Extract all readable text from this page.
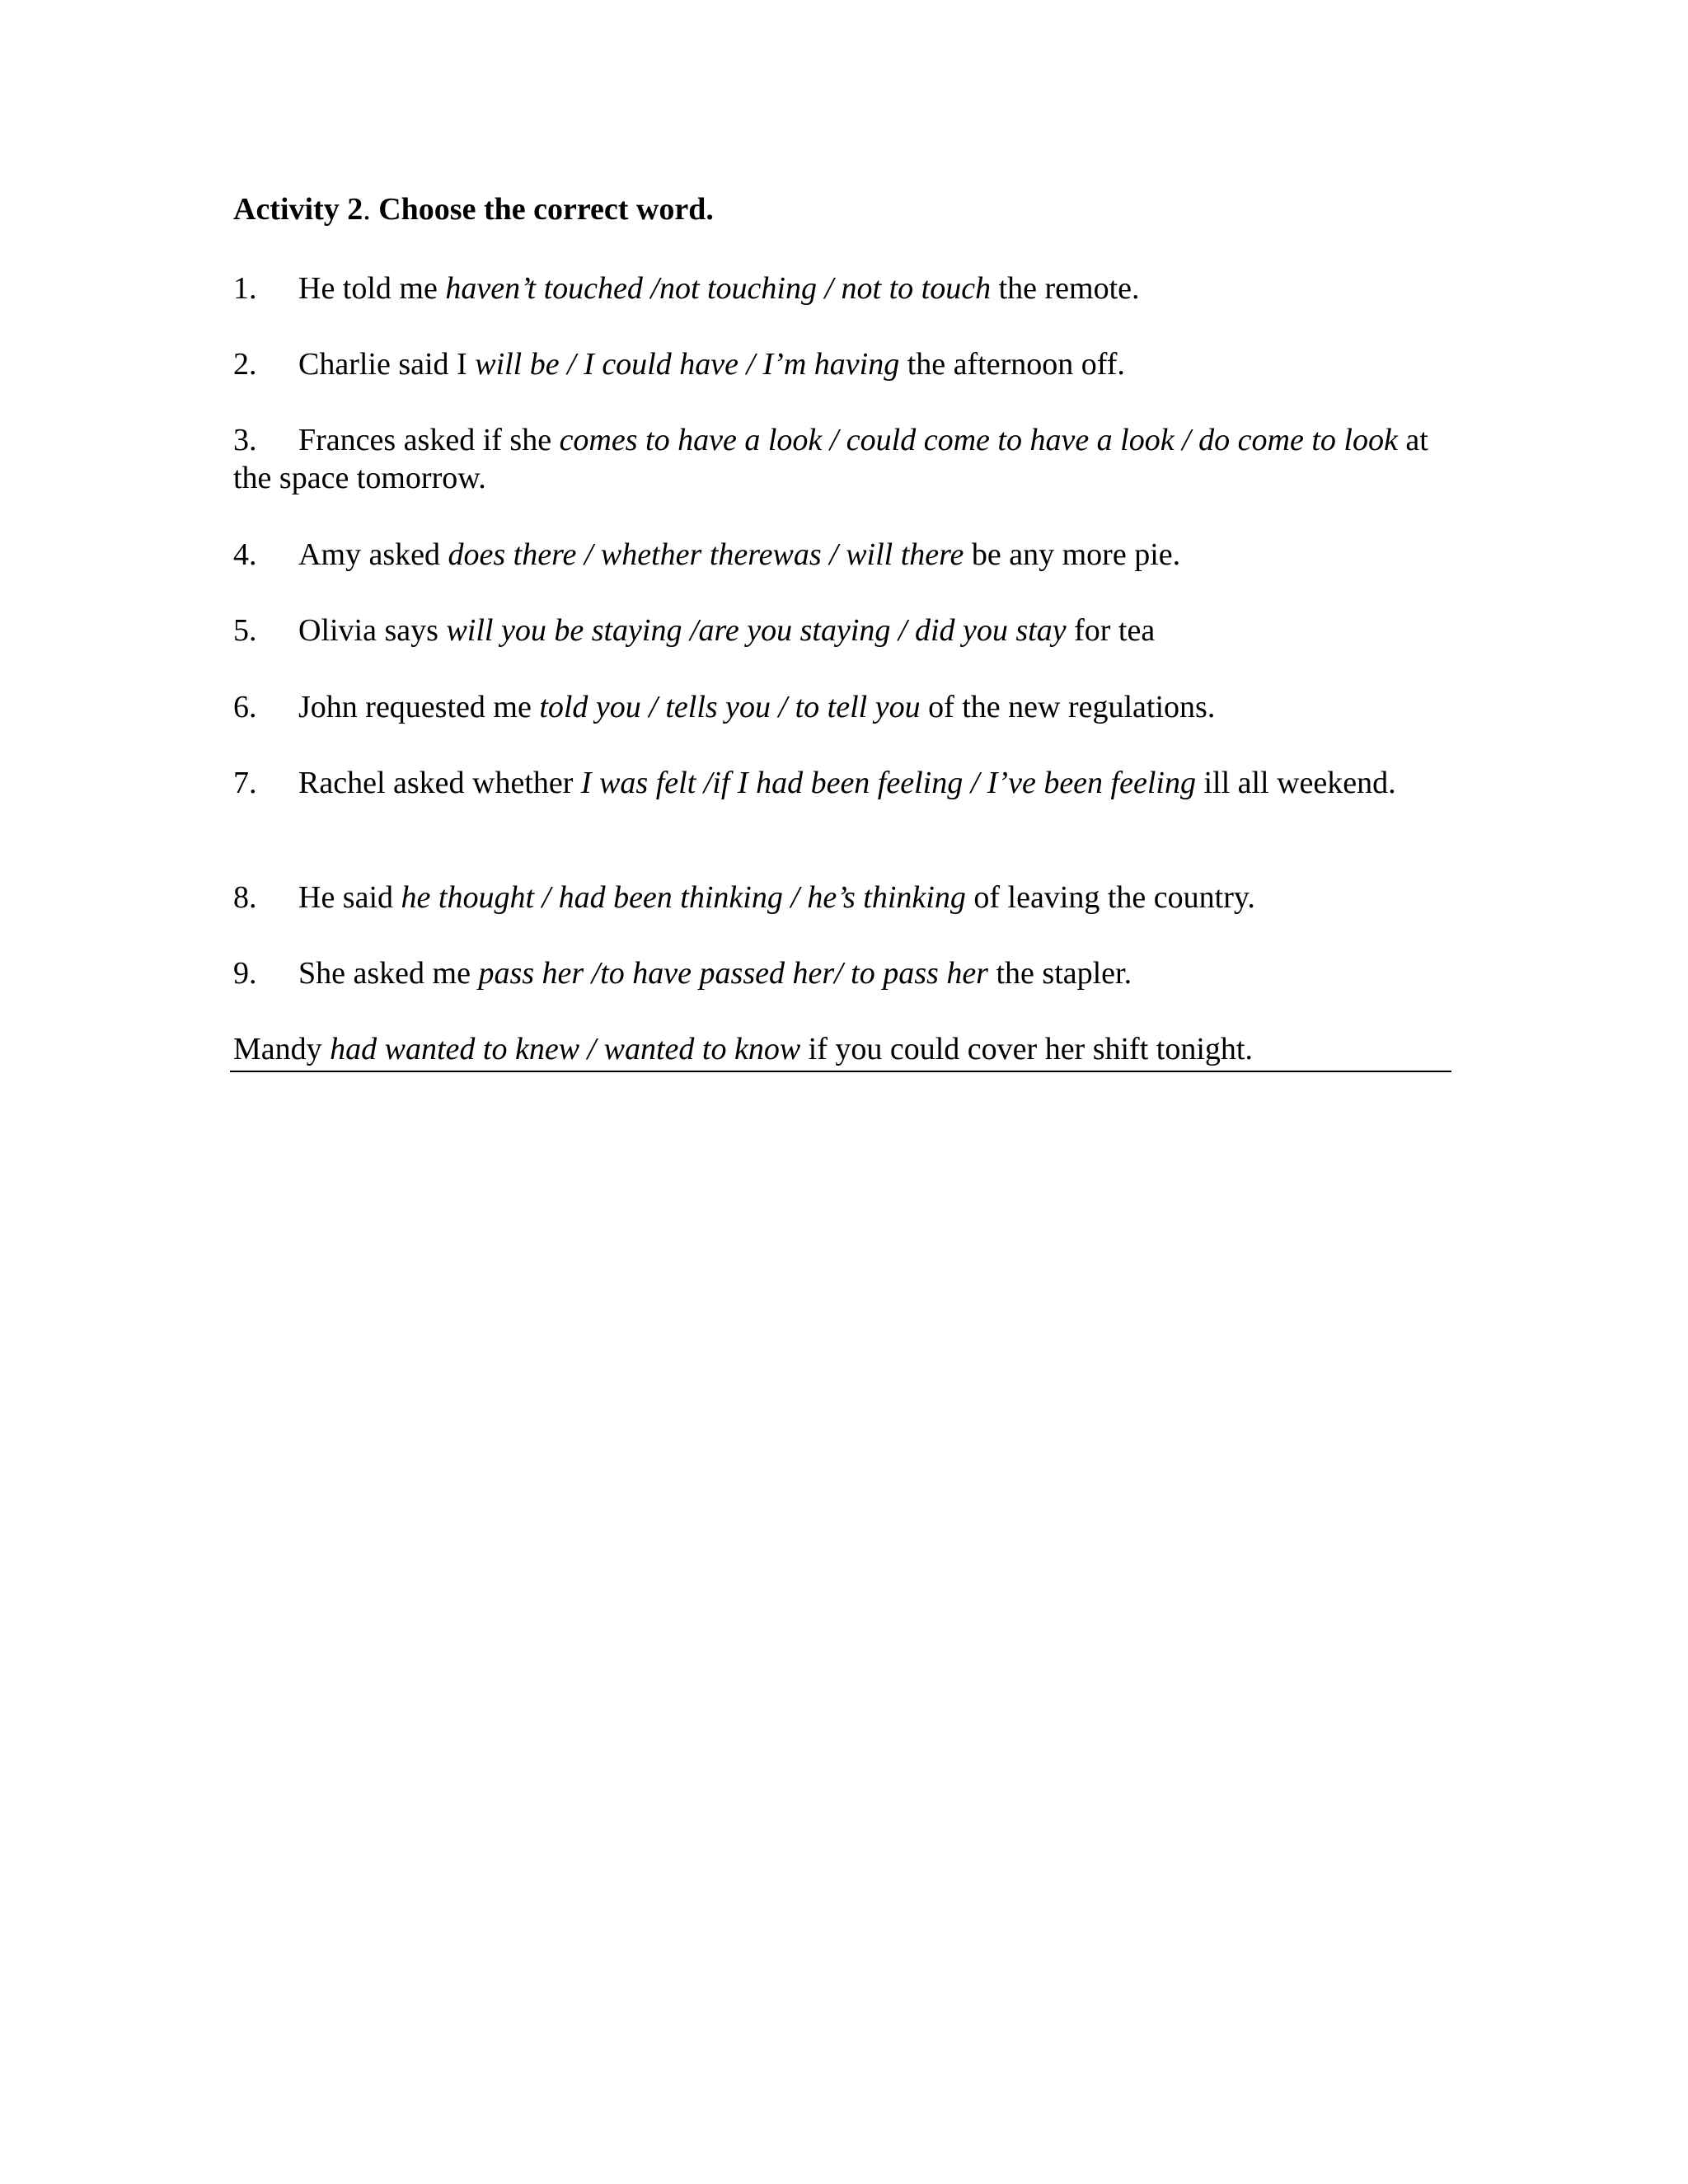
Activity 2. Choose the correct word.
1. He told me haven’t touched /not touching / not to touch the remote.
2. Charlie said I will be / I could have / I’m having the afternoon off.
3. Frances asked if she comes to have a look / could come to have a look / do come to look at the space tomorrow.
4. Amy asked does there / whether therewas / will there be any more pie.
5. Olivia says will you be staying /are you staying / did you stay for tea
6. John requested me told you / tells you / to tell you of the new regulations.
7. Rachel asked whether I was felt /if I had been feeling / I’ve been feeling ill all weekend.
8. He said he thought / had been thinking / he’s thinking of leaving the country.
9. She asked me pass her /to have passed her/ to pass her the stapler.
Mandy had wanted to knew / wanted to know if you could cover her shift tonight.
